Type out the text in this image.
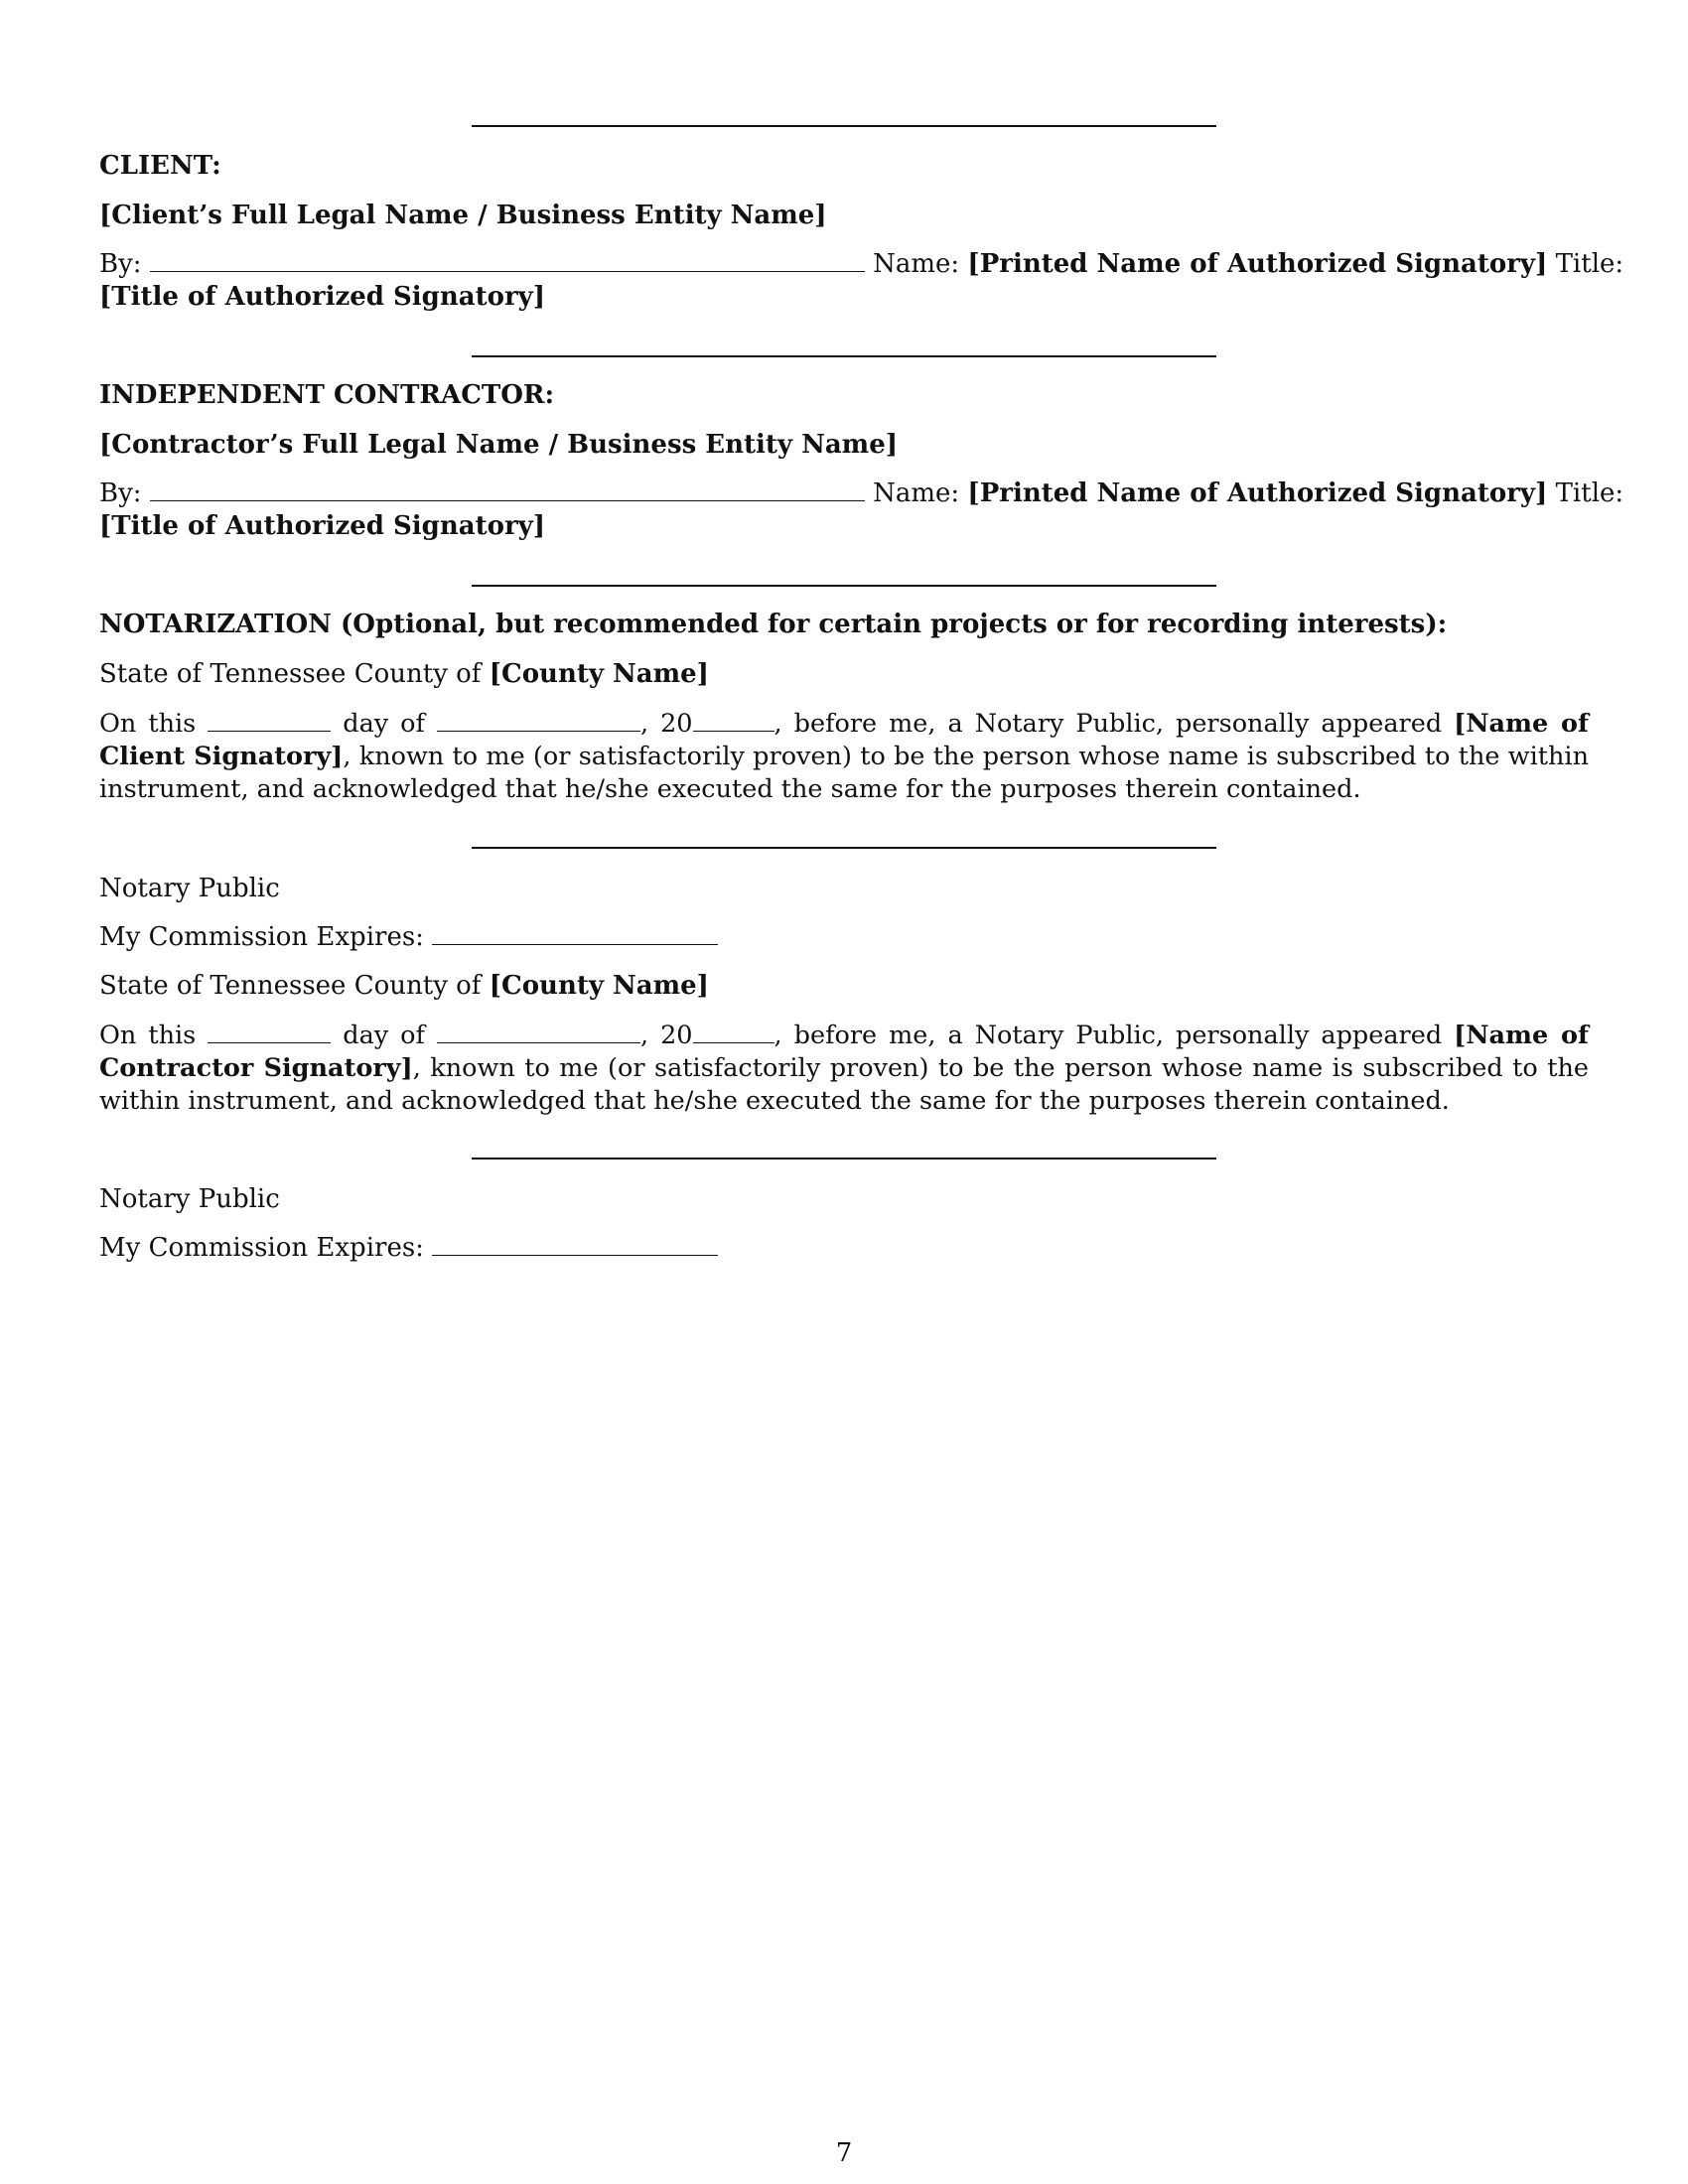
CLIENT:
[Client’s Full Legal Name / Business Entity Name]
By:	Name: [Printed Name of Authorized Signatory] Title:
[Title of Authorized Signatory]
INDEPENDENT CONTRACTOR:
[Contractor’s Full Legal Name / Business Entity Name]
By:	Name: [Printed Name of Authorized Signatory] Title:
[Title of Authorized Signatory]
NOTARIZATION (Optional, but recommended for certain projects or for recording interests):
State of Tennessee County of [County Name]
On this	day of	, 20	, before me, a Notary Public, personally appeared [Name of Client Signatory], known to me (or satisfactorily proven) to be the person whose name is subscribed to the within instrument, and acknowledged that he/she executed the same for the purposes therein contained.
Notary Public
My Commission Expires:
State of Tennessee County of [County Name]
On this	day of	, 20	, before me, a Notary Public, personally appeared [Name of Contractor Signatory], known to me (or satisfactorily proven) to be the person whose name is subscribed to the within instrument, and acknowledged that he/she executed the same for the purposes therein contained.
Notary Public
My Commission Expires:
7
